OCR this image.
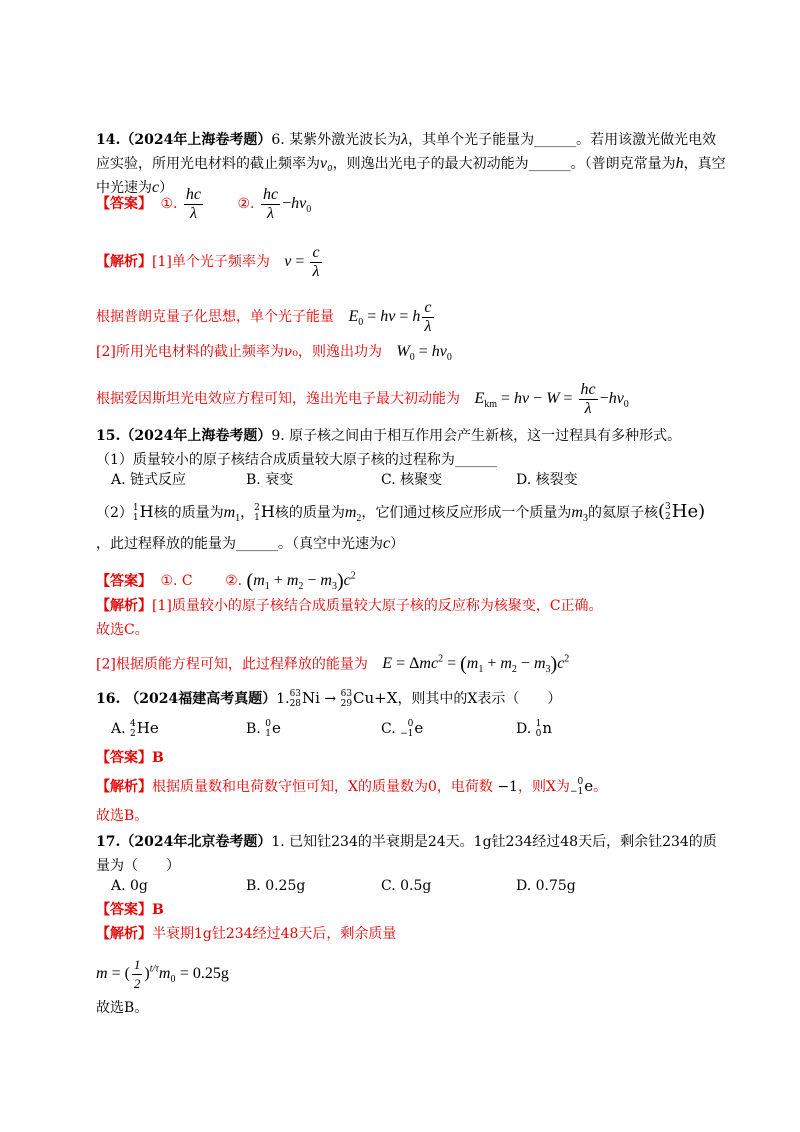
14.（2024年上海卷考题）6. 某紫外激光波长为λ，其单个光子能量为______。若用该激光做光电效应实验，所用光电材料的截止频率为ν₀，则逸出光电子的最大初动能为______。（普朗克常量为h，真空中光速为c）
【答案】 ①. $\frac{hc}{\lambda}$ ②. $\frac{hc}{\lambda} -h\nu_0$
【解析】[1]单个光子频率为 $\nu = \frac{c}{\lambda}$
根据普朗克量子化思想，单个光子能量 $E_0 = h\nu = h \frac{c}{\lambda}$
[2]所用光电材料的截止频率为ν₀，则逸出功为 $W_0 = h\nu_0$
根据爱因斯坦光电效应方程可知，逸出光电子最大初动能为 $E_{km} = h\nu - W = \frac{hc}{\lambda} -h\nu_0$
15.（2024年上海卷考题）9. 原子核之间由于相互作用会产生新核，这一过程具有多种形式。
（1）质量较小的原子核结合成质量较大原子核的过程称为______
A. 链式反应	B. 衰变	C. 核聚变	D. 核裂变
（2）1
1H核的质量为$m_1$，2
1H核的质量为$m_2$，它们通过核反应形成一个质量为$m_3$的氦原子核(3
2He)
，此过程释放的能量为______。（真空中光速为c）
【答案】 ①. C ②. $(m_1 + m_2 - m_3)c^2$
【解析】[1]质量较小的原子核结合成质量较大原子核的反应称为核聚变，C正确。
故选C。
[2]根据质能方程可知，此过程释放的能量为 $E = \Delta mc^2 = (m_1 + m_2 - m_3)c^2$
16. （2024福建高考真题）1.63
28Ni → 63
29Cu+X，则其中的X表示（　　）
A. 4
2He	B. 0
1e	C. 0
−1e	D. 1
0n
【答案】B
【解析】根据质量数和电荷数守恒可知，X的质量数为0，电荷数 −1，则X为 0
−1e。
故选B。
17.（2024年北京卷考题）1. 已知钍234的半衰期是24天。1g钍234经过48天后，剩余钍234的质量为（　　）
A. 0g	B. 0.25g	C. 0.5g	D. 0.75g
【答案】B
【解析】半衰期1g钍234经过48天后，剩余质量
m = ( $\frac{1}{2} )^{t/\tau}m_0 = 0.25g$
故选B。
